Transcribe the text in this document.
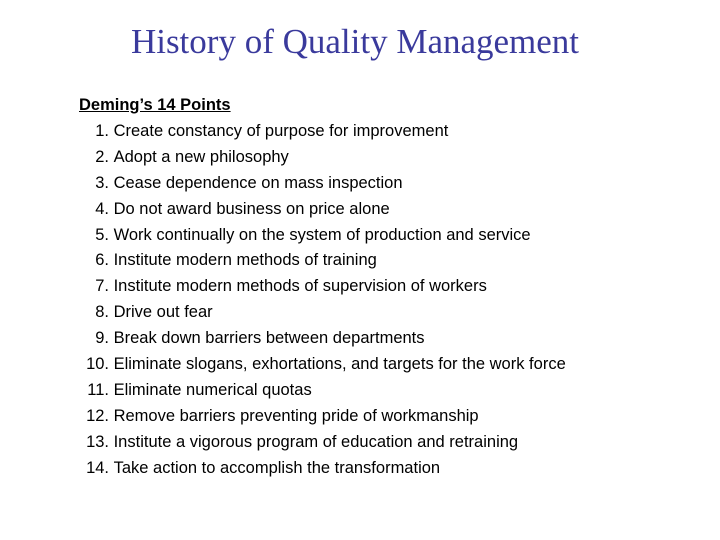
History of Quality Management
Deming’s 14 Points
1.
Create constancy of purpose for improvement
2.
Adopt a new philosophy
3.
Cease dependence on mass inspection
4.
Do not award business on price alone
5.
Work continually on the system of production and service
6.
Institute modern methods of training
7.
Institute modern methods of supervision of workers
8.
Drive out fear
9.
Break down barriers between departments
10.
Eliminate slogans, exhortations, and targets for the work force
11.
Eliminate numerical quotas
12.
Remove barriers preventing pride of workmanship
13.
Institute a vigorous program of education and retraining
14.
Take action to accomplish the transformation
